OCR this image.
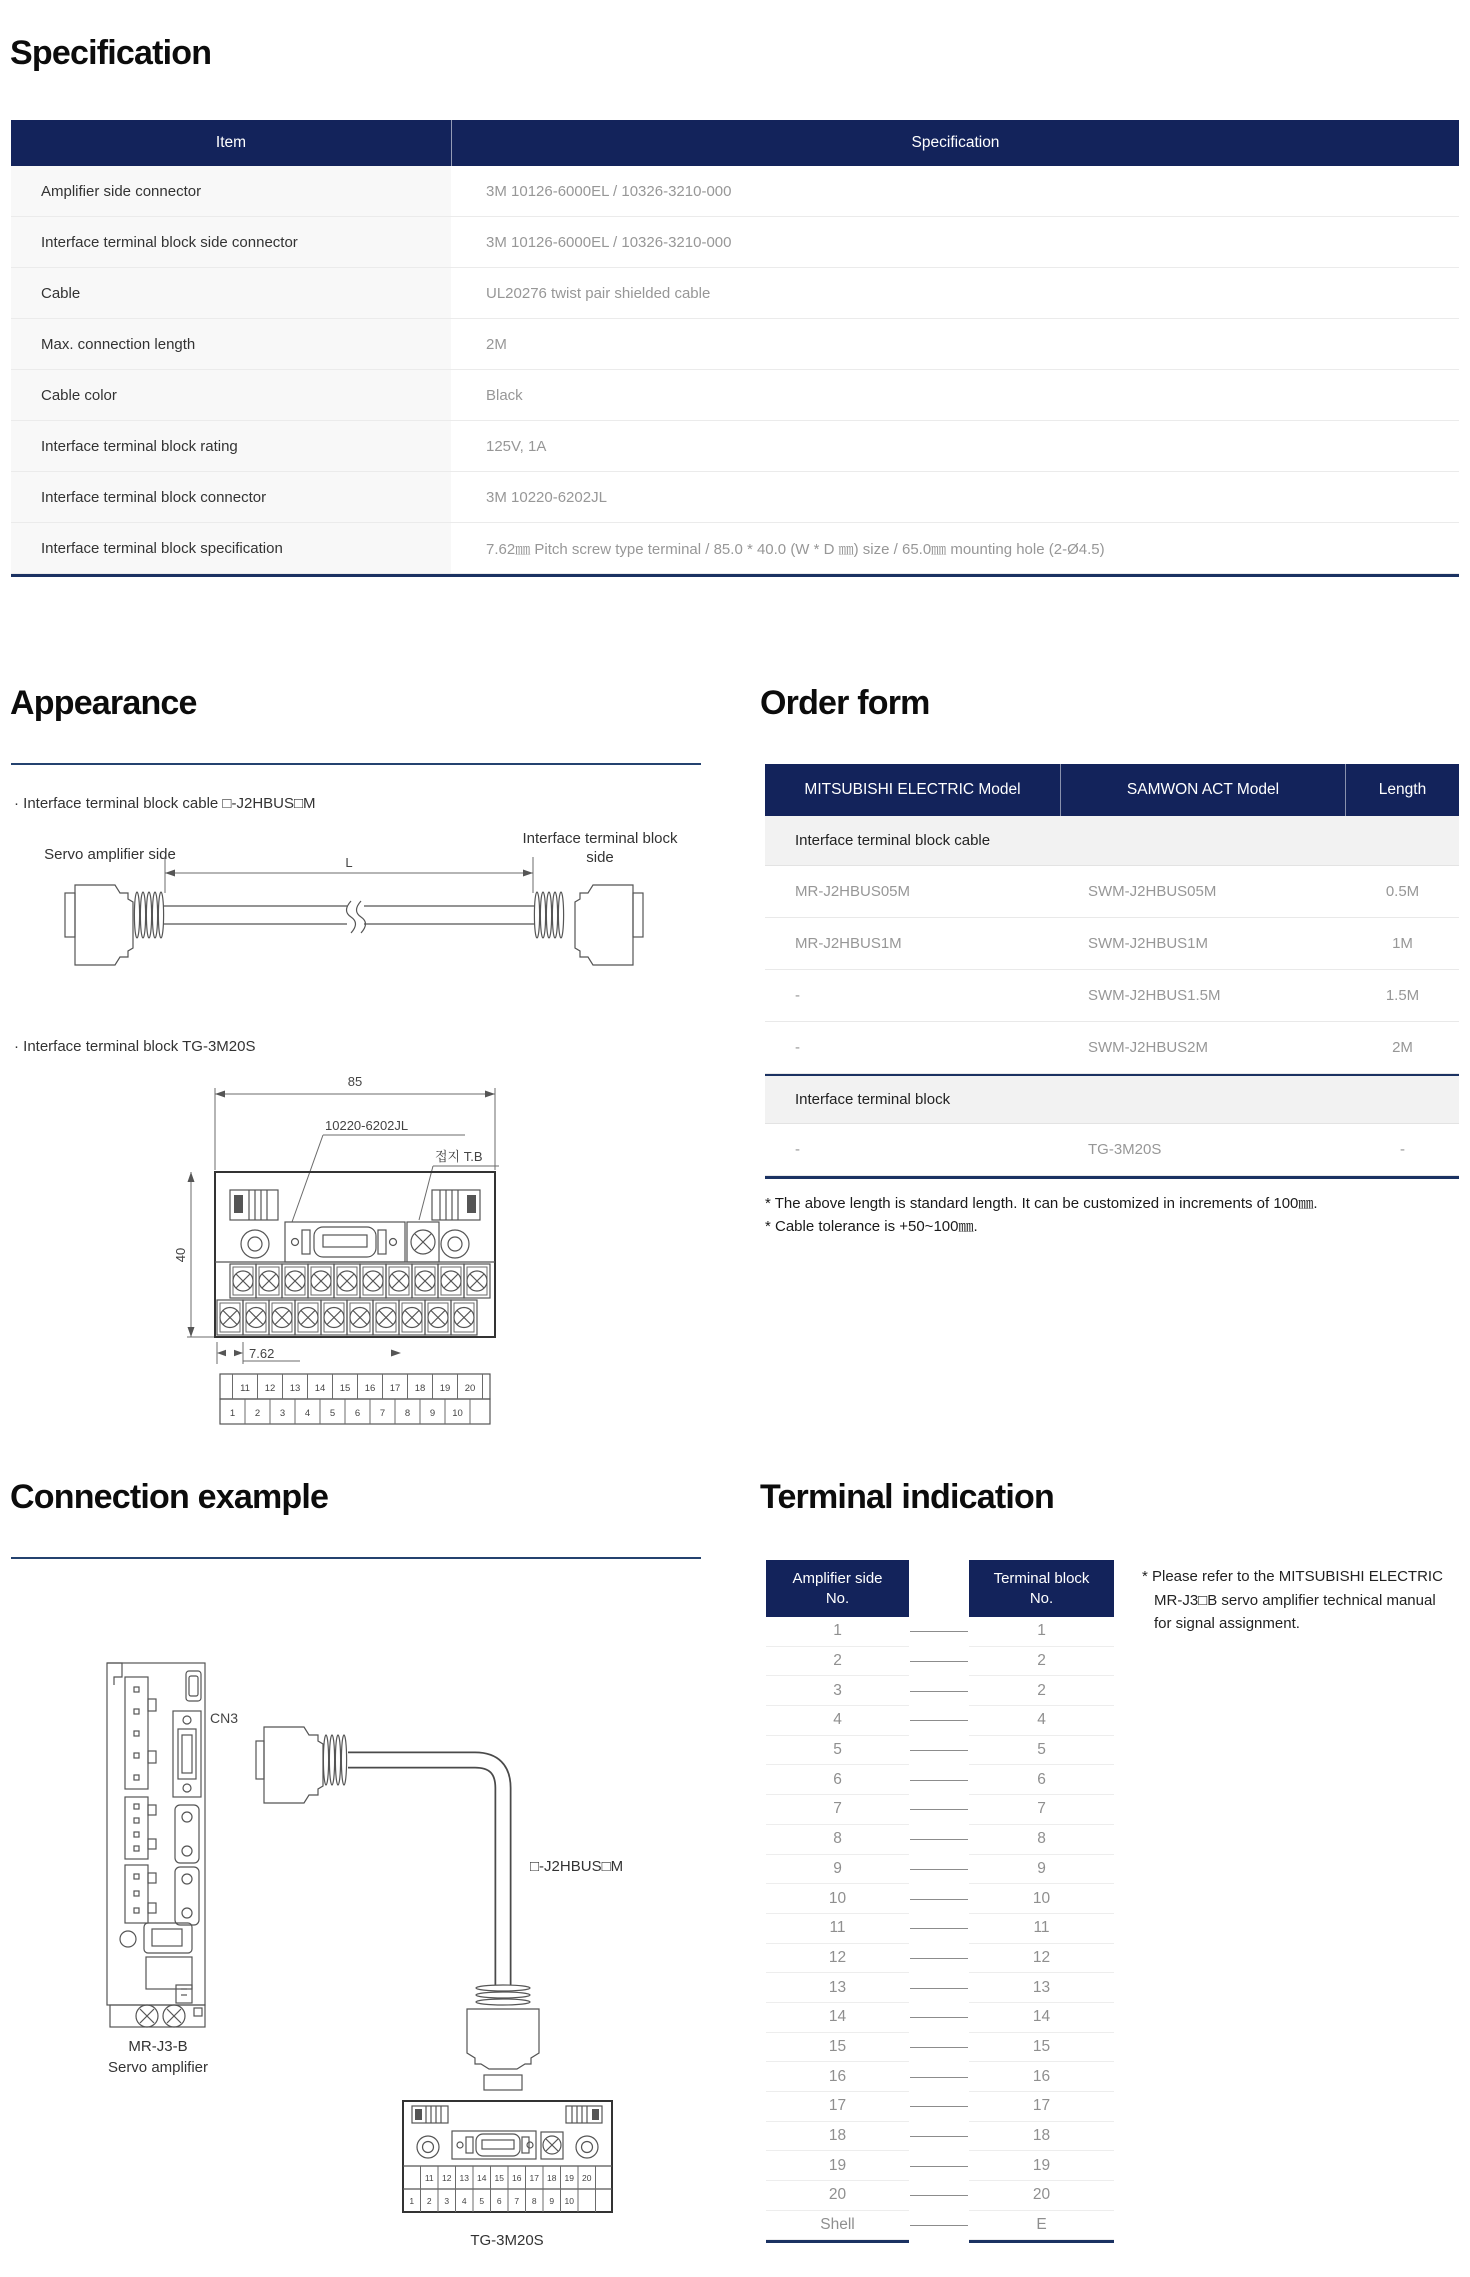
Specification
Item	Specification
Amplifier side connector	3M 10126-6000EL / 10326-3210-000
Interface terminal block side connector	3M 10126-6000EL / 10326-3210-000
Cable	UL20276 twist pair shielded cable
Max. connection length	2M
Cable color	Black
Interface terminal block rating	125V, 1A
Interface terminal block connector	3M 10220-6202JL
Interface terminal block specification	7.62㎜ Pitch screw type terminal / 85.0 * 40.0 (W * D ㎜) size / 65.0㎜ mounting hole (2-Ø4.5)
Appearance
· Interface terminal block cable □-J2HBUS□M
Servo amplifier side
Interface terminal block
side
L
· Interface terminal block TG-3M20S
85
10220-6202JL
접지 T.B
40
7.62
11 12 13 14 15 16 17 18 19 20
1 2 3 4 5 6 7 8 9 10
Order form
MITSUBISHI ELECTRIC Model	SAMWON ACT Model	Length
Interface terminal block cable
MR-J2HBUS05M	SWM-J2HBUS05M	0.5M
MR-J2HBUS1M	SWM-J2HBUS1M	1M
-	SWM-J2HBUS1.5M	1.5M
-	SWM-J2HBUS2M	2M
Interface terminal block
-	TG-3M20S	-
* The above length is standard length. It can be customized in increments of 100㎜.
* Cable tolerance is +50~100㎜.
Connection example
CN3
□-J2HBUS□M
11 12 13 14 15 16 17 18 19 20
1 2 3 4 5 6 7 8 9 10
MR-J3-B
Servo amplifier
TG-3M20S
Terminal indication
Amplifier side
No.
Terminal block
No.
1	1
2	2
3	2
4	4
5	5
6	6
7	7
8	8
9	9
10	10
11	11
12	12
13	13
14	14
15	15
16	16
17	17
18	18
19	19
20	20
Shell	E
* Please refer to the MITSUBISHI ELECTRIC
MR-J3□B servo amplifier technical manual
for signal assignment.
